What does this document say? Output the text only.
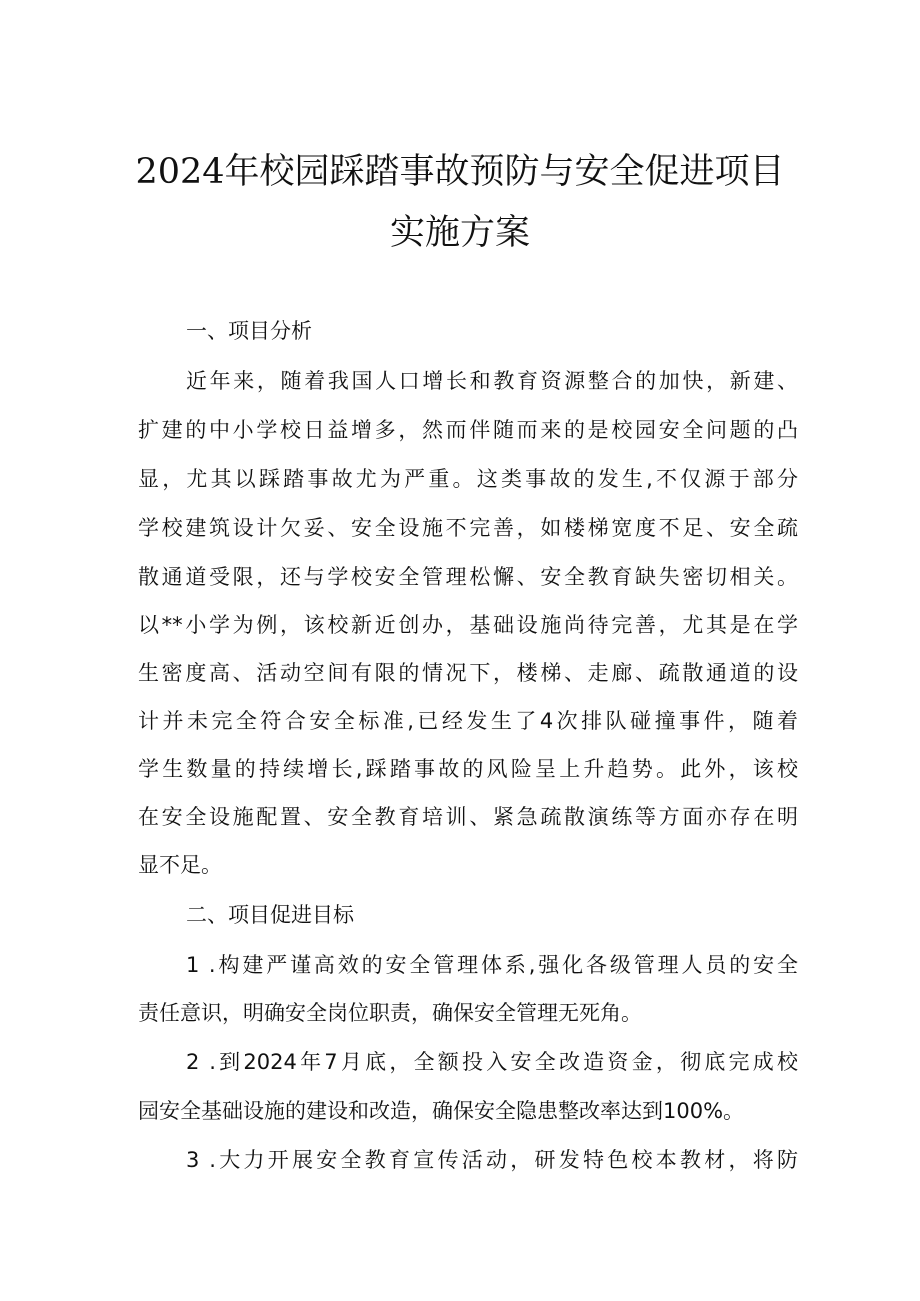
2024年校园踩踏事故预防与安全促进项目
实施方案
一、项目分析
近年来，随着我国人口增长和教育资源整合的加快，新建、
扩建的中小学校日益增多，然而伴随而来的是校园安全问题的凸
显，尤其以踩踏事故尤为严重。这类事故的发生,不仅源于部分
学校建筑设计欠妥、安全设施不完善，如楼梯宽度不足、安全疏
散通道受限，还与学校安全管理松懈、安全教育缺失密切相关。
以**小学为例，该校新近创办，基础设施尚待完善，尤其是在学
生密度高、活动空间有限的情况下，楼梯、走廊、疏散通道的设
计并未完全符合安全标准,已经发生了4次排队碰撞事件，随着
学生数量的持续增长,踩踏事故的风险呈上升趋势。此外，该校
在安全设施配置、安全教育培训、紧急疏散演练等方面亦存在明
显不足。
二、项目促进目标
1 .构建严谨高效的安全管理体系,强化各级管理人员的安全
责任意识，明确安全岗位职责，确保安全管理无死角。
2 .到2024年7月底，全额投入安全改造资金，彻底完成校
园安全基础设施的建设和改造，确保安全隐患整改率达到100%。
3 .大力开展安全教育宣传活动，研发特色校本教材，将防
